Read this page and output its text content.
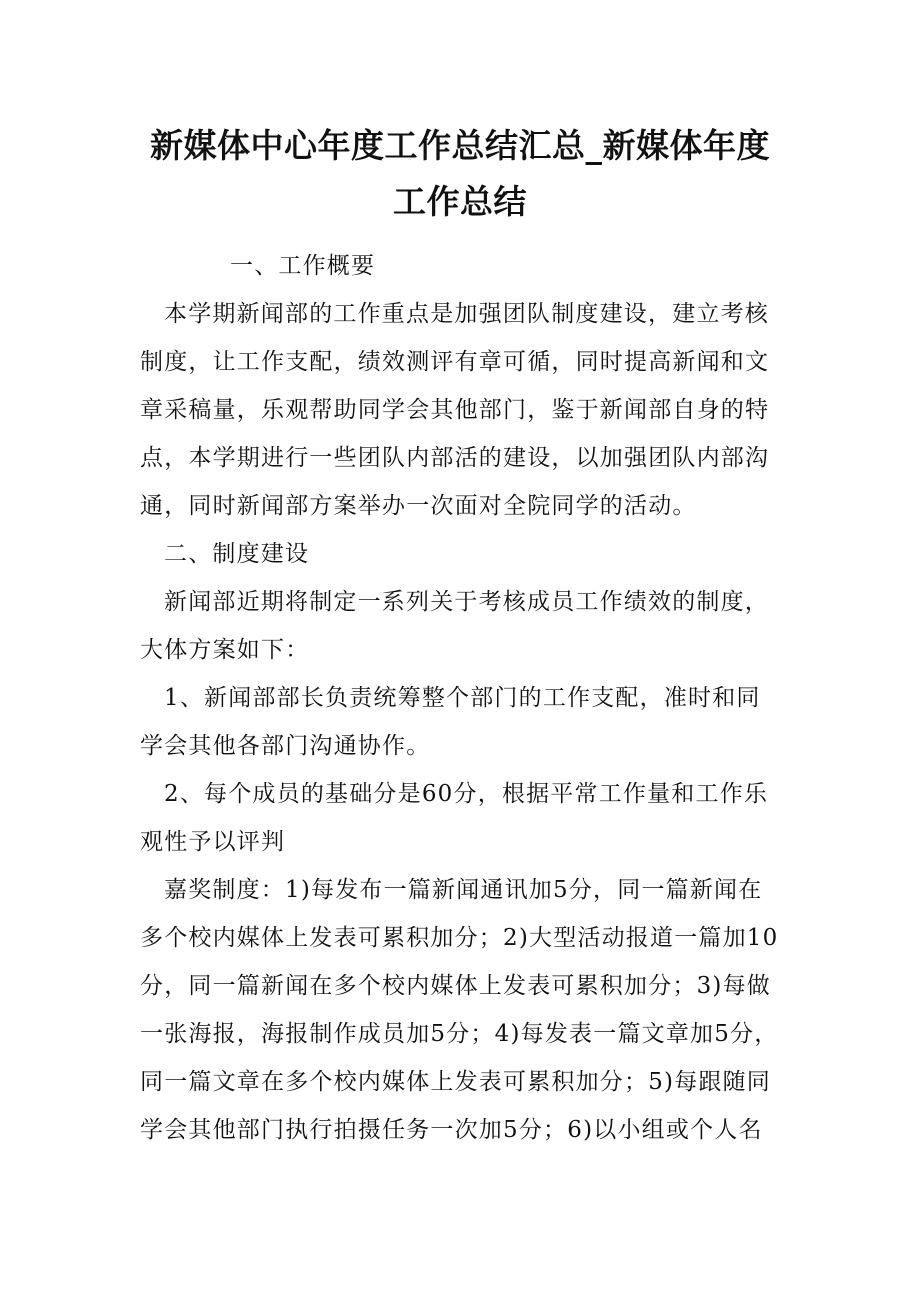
新媒体中心年度工作总结汇总_新媒体年度
工作总结
一、工作概要
本学期新闻部的工作重点是加强团队制度建设，建立考核
制度，让工作支配，绩效测评有章可循，同时提高新闻和文
章采稿量，乐观帮助同学会其他部门，鉴于新闻部自身的特
点，本学期进行一些团队内部活的建设，以加强团队内部沟
通，同时新闻部方案举办一次面对全院同学的活动。
二、制度建设
新闻部近期将制定一系列关于考核成员工作绩效的制度，
大体方案如下：
1、新闻部部长负责统筹整个部门的工作支配，准时和同
学会其他各部门沟通协作。
2、每个成员的基础分是60分，根据平常工作量和工作乐
观性予以评判
嘉奖制度：1)每发布一篇新闻通讯加5分，同一篇新闻在
多个校内媒体上发表可累积加分；2)大型活动报道一篇加10
分，同一篇新闻在多个校内媒体上发表可累积加分；3)每做
一张海报，海报制作成员加5分；4)每发表一篇文章加5分，
同一篇文章在多个校内媒体上发表可累积加分；5)每跟随同
学会其他部门执行拍摄任务一次加5分；6)以小组或个人名
